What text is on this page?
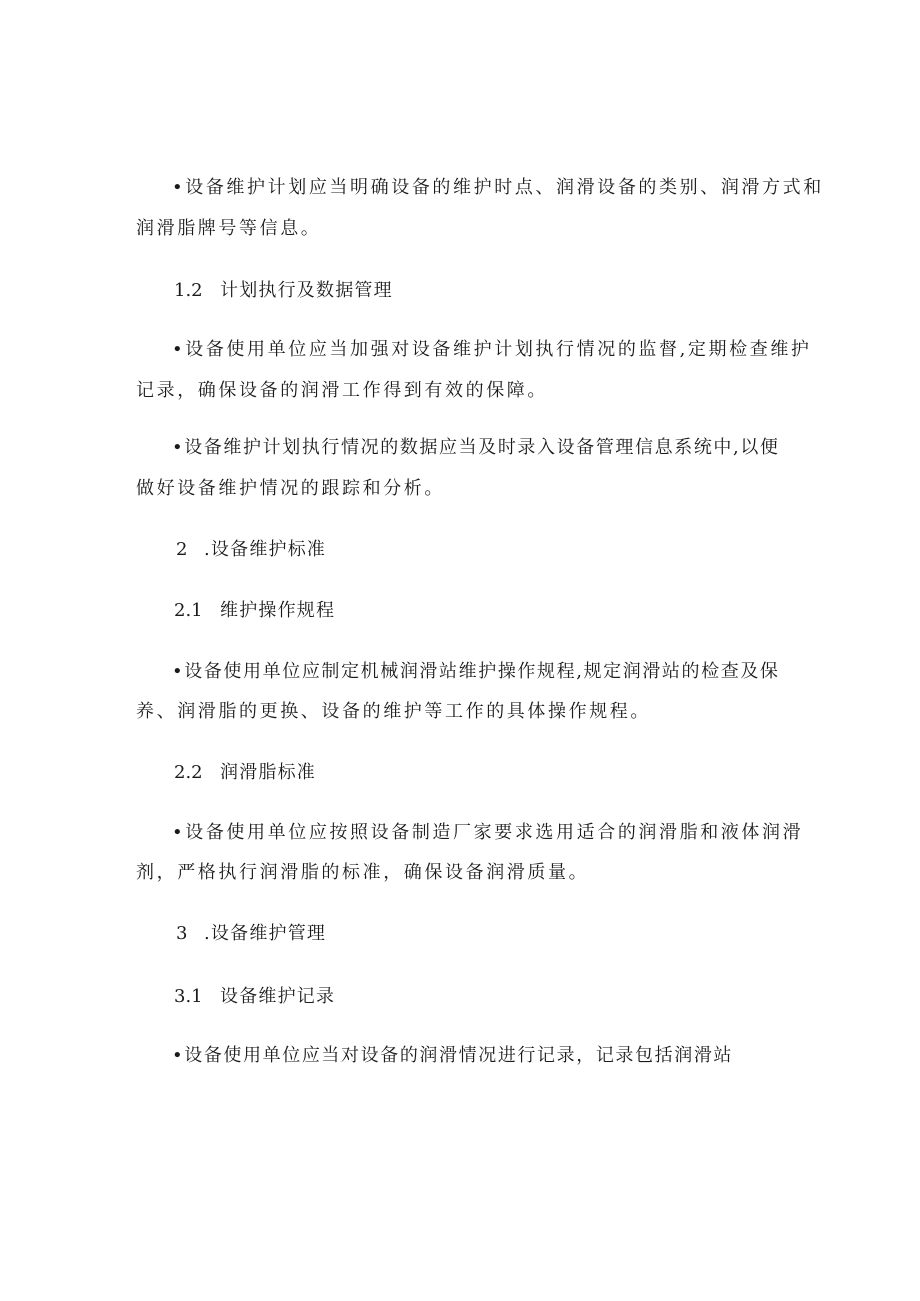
•设备维护计划应当明确设备的维护时点、润滑设备的类别、润滑方式和
润滑脂牌号等信息。
1.2 计划执行及数据管理
•设备使用单位应当加强对设备维护计划执行情况的监督,定期检查维护
记录，确保设备的润滑工作得到有效的保障。
•设备维护计划执行情况的数据应当及时录入设备管理信息系统中,以便
做好设备维护情况的跟踪和分析。
2 .设备维护标准
2.1 维护操作规程
•设备使用单位应制定机械润滑站维护操作规程,规定润滑站的检查及保
养、润滑脂的更换、设备的维护等工作的具体操作规程。
2.2 润滑脂标准
•设备使用单位应按照设备制造厂家要求选用适合的润滑脂和液体润滑
剂，严格执行润滑脂的标准，确保设备润滑质量。
3 .设备维护管理
3.1 设备维护记录
•设备使用单位应当对设备的润滑情况进行记录，记录包括润滑站
